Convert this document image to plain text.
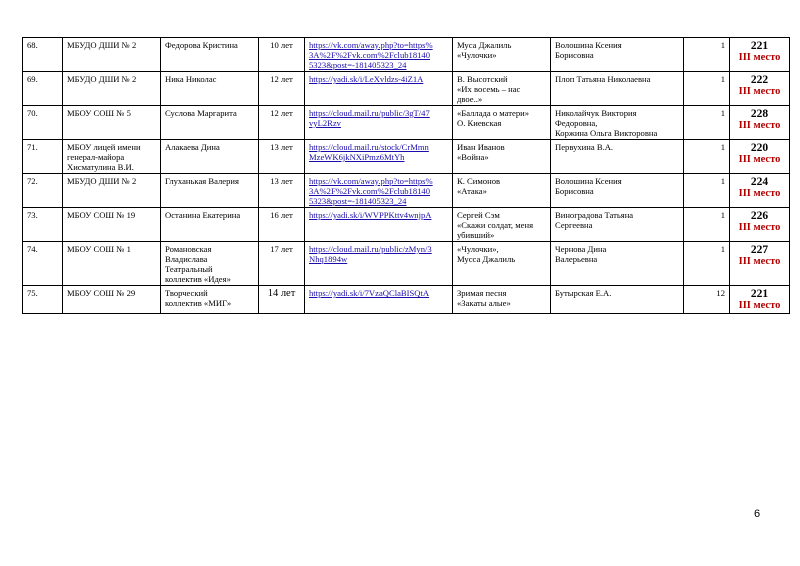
68.	МБУДО ДШИ № 2	Федорова Кристина	10 лет	https://vk.com/away.php?to=https%
3A%2F%2Fvk.com%2Fclub18140
5323&post=-181405323_24	Муса Джалиль
«Чулочки»	Волошина Ксения
Борисовна	1	221
III место

69.	МБУДО ДШИ № 2	Ника Николас	12 лет	https://yadi.sk/i/LeXvldzs-4iZ1A	В. Высотский
«Их восемь – нас
двое..»	Плоп Татьяна Николаевна	1	222
III место

70.	МБОУ СОШ № 5	Суслова Маргарита	12 лет	https://cloud.mail.ru/public/3gT/47
vyL2Rzv	«Баллада о матери»
О. Киевская	Николайчук Виктория
Федоровна,
Коржина Ольга Викторовна	1	228
III место

71.	МБОУ лицей имени
генерал-майора
Хисматулина В.И.	Алакаева Дина	13 лет	https://cloud.mail.ru/stock/CrMmn
MzeWK6jkNXiPmz6MtYh	Иван Иванов
«Война»	Первухина В.А.	1	220
III место

72.	МБУДО ДШИ № 2	Глуханькая Валерия	13 лет	https://vk.com/away.php?to=https%
3A%2F%2Fvk.com%2Fclub18140
5323&post=-181405323_24	К. Симонов
«Атака»	Волошина Ксения
Борисовна	1	224
III место

73.	МБОУ СОШ № 19	Останина Екатерина	16 лет	https://yadi.sk/i/WVPPKttv4wnjpA	Сергей Сэм
«Скажи солдат, меня
убивший»	Виноградова Татьяна
Сергеевна	1	226
III место

74.	МБОУ СОШ № 1	Романовская
Владислава
Театральный
коллектив «Идея»	17 лет	https://cloud.mail.ru/public/zMyn/3
Nhq1894w	«Чулочки»,
Мусса Джалиль	Чернова Дина
Валерьевна	1	227
III место

75.	МБОУ СОШ № 29	Творческий
коллектив «МИГ»	14 лет	https://yadi.sk/i/7VzaQClaBISQtA	Зримая песня
«Закаты алые»	Бутырская Е.А.	12	221
III место
6
